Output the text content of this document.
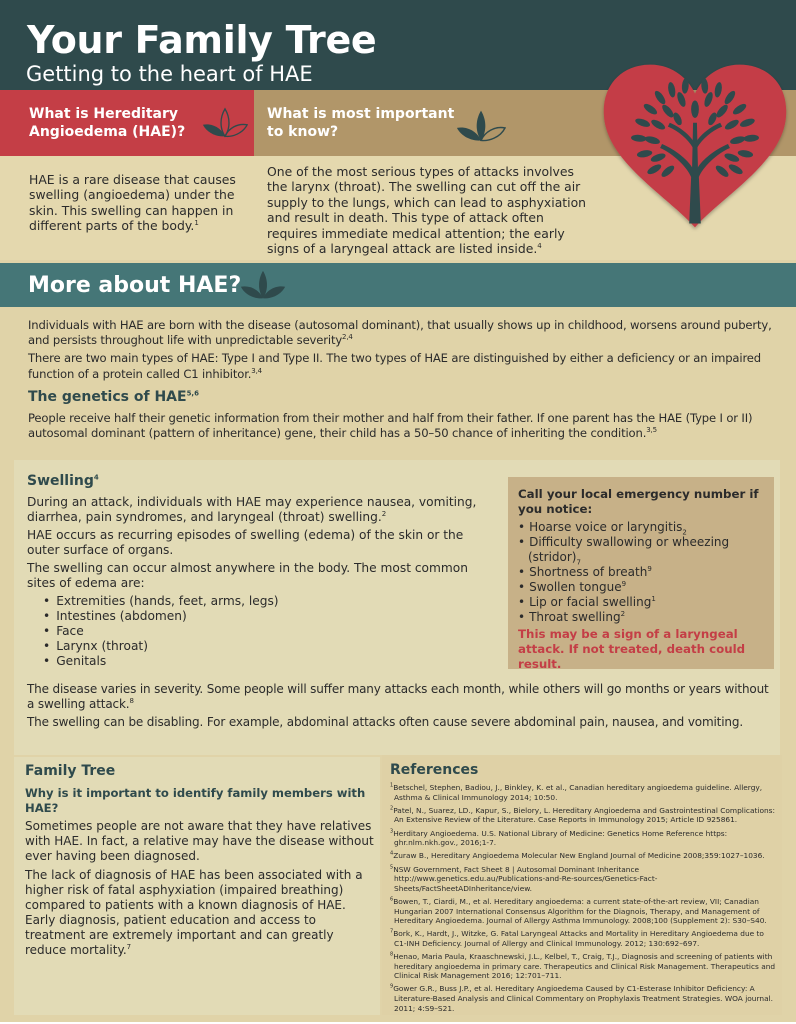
Your Family Tree
Getting to the heart of HAE
What is Hereditary Angioedema (HAE)?
What is most important to know?

HAE is a rare disease that causes swelling (angioedema) under the skin. This swelling can happen in different parts of the body.$^1$

One of the most serious types of attacks involves the larynx (throat). The swelling can cut off the air supply to the lungs, which can lead to asphyxiation and result in death. This type of attack often requires immediate medical attention; the early signs of a laryngeal attack are listed inside.$^4$

More about HAE?

Individuals with HAE are born with the disease (autosomal dominant), that usually shows up in childhood, worsens around puberty, and persists throughout life with unpredictable severity$^{2,4}$

There are two main types of HAE: Type I and Type II. The two types of HAE are distinguished by either a deficiency or an impaired function of a protein called C1 inhibitor.$^{3,4}$

The genetics of HAE$^{5,6}$

People receive half their genetic information from their mother and half from their father. If one parent has the HAE (Type I or II) autosomal dominant (pattern of inheritance) gene, their child has a 50–50 chance of inheriting the condition.$^{3,5}$

Swelling$^4$

During an attack, individuals with HAE may experience nausea, vomiting, diarrhea, pain syndromes, and laryngeal (throat) swelling.$^2$

HAE occurs as recurring episodes of swelling (edema) of the skin or the outer surface of organs.

The swelling can occur almost anywhere in the body. The most common sites of edema are:

• Extremities (hands, feet, arms, legs)
• Intestines (abdomen)
• Face
• Larynx (throat)
• Genitals

The disease varies in severity. Some people will suffer many attacks each month, while others will go months or years without a swelling attack.$^8$

The swelling can be disabling. For example, abdominal attacks often cause severe abdominal pain, nausea, and vomiting.

Call your local emergency number if you notice:
• Hoarse voice or laryngitis$_2$
• Difficulty swallowing or wheezing $(stridor)_7$
• Shortness of breath$^9$
• Swollen tongue$^9$
• Lip or facial swelling$^1$
• Throat swelling$^2$
This may be a sign of a laryngeal attack. If not treated, death could result.
Family Tree
Why is it important to identify family members with HAE?

Sometimes people are not aware that they have relatives with HAE. In fact, a relative may have the disease without ever having been diagnosed.

The lack of diagnosis of HAE has been associated with a higher risk of fatal asphyxiation (impaired breathing) compared to patients with a known diagnosis of HAE. Early diagnosis, patient education and access to treatment are extremely important and can greatly reduce mortality.$^7$

References
$^1$Betschel, Stephen, Badiou, J., Binkley, K. et al., Canadian hereditary angioedema guideline. Allergy, Asthma & Clinical Immunology 2014; 10:50.
$^2$Patel, N., Suarez, LD., Kapur, S., Bielory, L. Hereditary Angioedema and Gastrointestinal Complications: An Extensive Review of the Literature. Case Reports in Immunology 2015; Article ID 925861.
$^3$Herditary Angioedema. U.S. National Library of Medicine: Genetics Home Reference https: ghr.nlm.nkh.gov., 2016;1-7.
$^4$Zuraw B., Hereditary Angioedema Molecular New England Journal of Medicine 2008;359:1027–1036.
$^5$NSW Government, Fact Sheet 8 | Autosomal Dominant Inheritance http://www.genetics.edu.au/Publications-and-Re-sources/Genetics-Fact-Sheets/FactSheetADInheritance/view.
$^6$Bowen, T., Ciardi, M., et al. Hereditary angioedema: a current state-of-the-art review, VII; Canadian Hungarian 2007 International Consensus Algorithm for the Diagnois, Therapy, and Management of Hereditary Angioedema. Journal of Allergy Asthma Immunology. 2008;100 (Supplement 2): S30–S40.
$^7$Bork, K., Hardt, J., Witzke, G. Fatal Laryngeal Attacks and Mortality in Hereditary Angioedema due to C1-INH Deficiency. Journal of Allergy and Clinical Immunology. 2012; 130:692–697.
$^8$Henao, Maria Paula, Kraaschnewski, J.L., Kelbel, T., Craig, T.J., Diagnosis and screening of patients with hereditary angioedema in primary care. Therapeutics and Clinical Risk Management. Therapeutics and Clinical Risk Management 2016; 12:701–711.
$^9$Gower G.R., Buss J.P., et al. Hereditary Angioedema Caused by C1-Esterase Inhibitor Deficiency: A Literature-Based Analysis and Clinical Commentary on Prophylaxis Treatment Strategies. WOA journal. 2011; 4:S9–S21.
